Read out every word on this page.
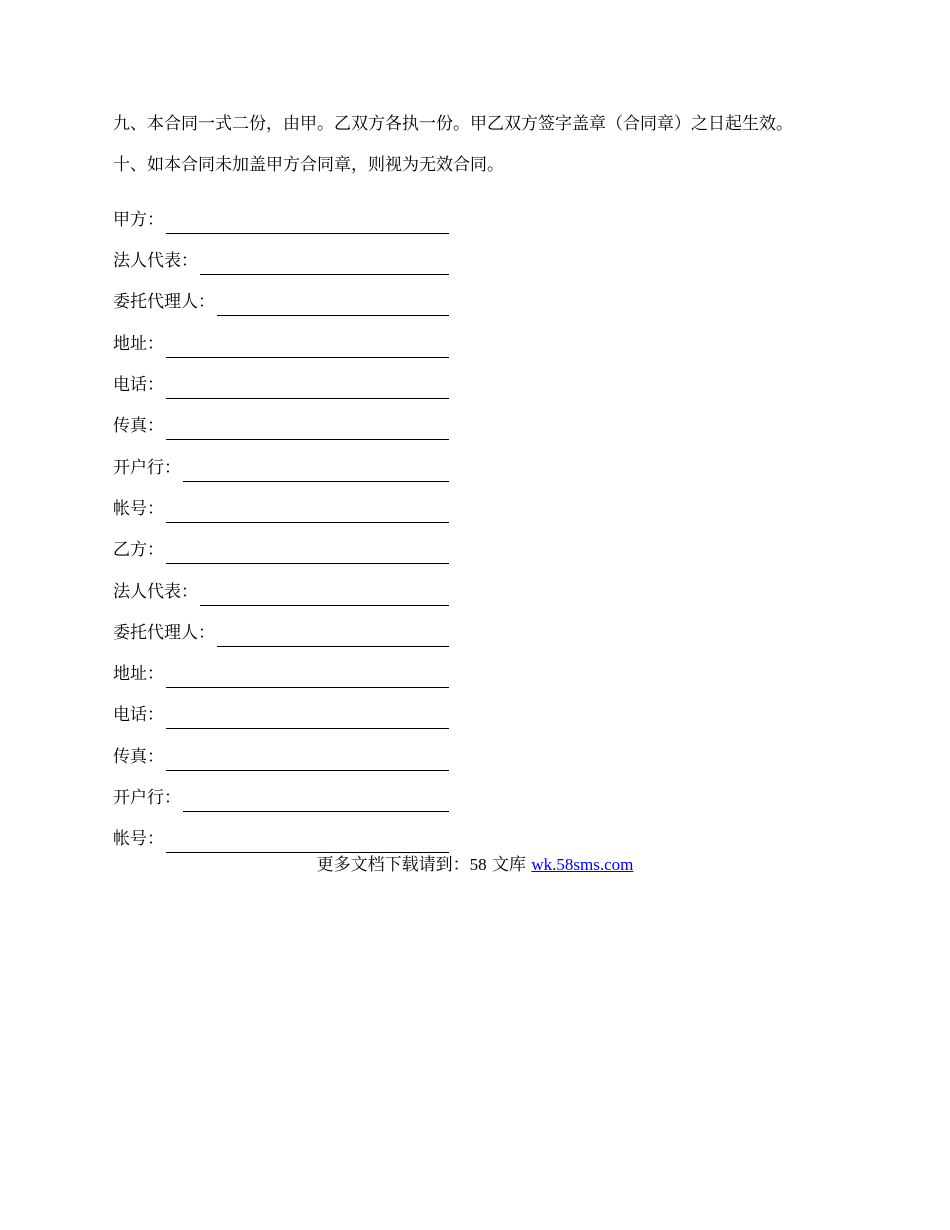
九、本合同一式二份，由甲。乙双方各执一份。甲乙双方签字盖章（合同章）之日起生效。
十、如本合同未加盖甲方合同章，则视为无效合同。
甲方：
法人代表：
委托代理人：
地址：
电话：
传真：
开户行：
帐号：
乙方：
法人代表：
委托代理人：
地址：
电话：
传真：
开户行：
帐号：
更多文档下载请到：58 文库 wk.58sms.com
